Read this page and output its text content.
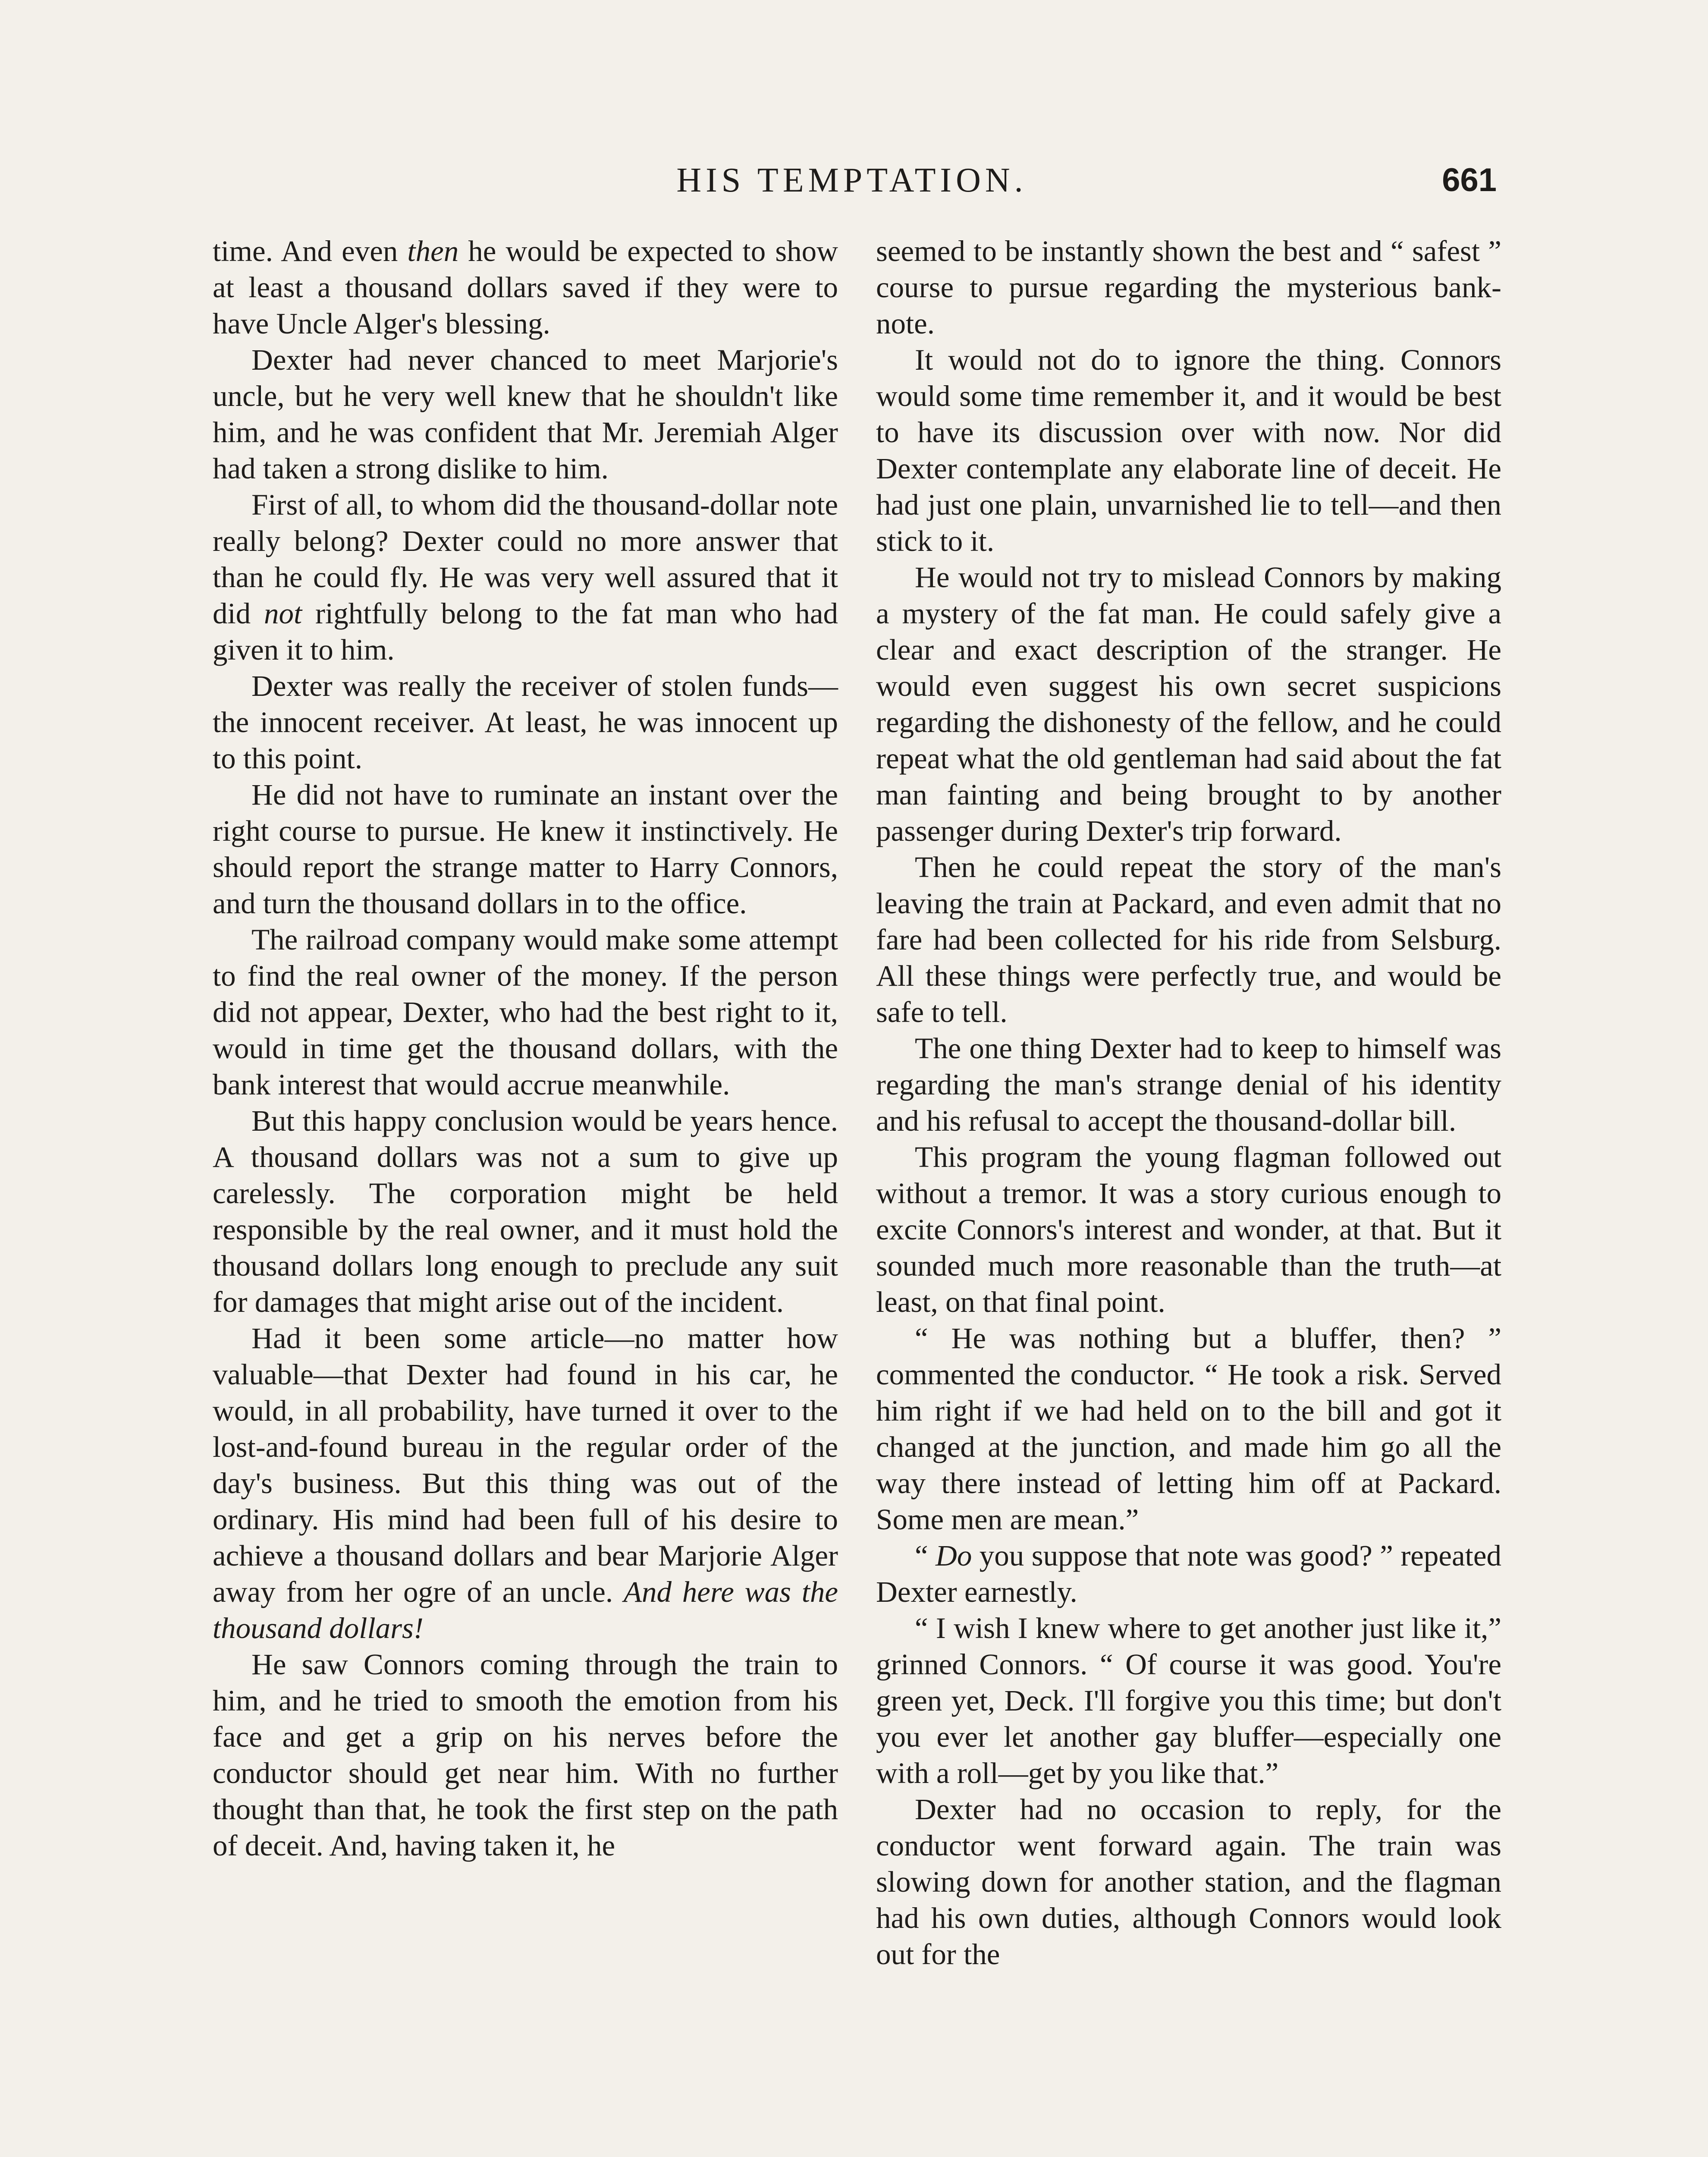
HIS TEMPTATION.	661

time. And even then he would be expected to show at least a thousand dollars saved if they were to have Uncle Alger's blessing.

Dexter had never chanced to meet Marjorie's uncle, but he very well knew that he shouldn't like him, and he was confident that Mr. Jeremiah Alger had taken a strong dislike to him.

First of all, to whom did the thousand-dollar note really belong? Dexter could no more answer that than he could fly. He was very well assured that it did not rightfully belong to the fat man who had given it to him.

Dexter was really the receiver of stolen funds—the innocent receiver. At least, he was innocent up to this point.

He did not have to ruminate an instant over the right course to pursue. He knew it instinctively. He should report the strange matter to Harry Connors, and turn the thousand dollars in to the office.

The railroad company would make some attempt to find the real owner of the money. If the person did not appear, Dexter, who had the best right to it, would in time get the thousand dollars, with the bank interest that would accrue meanwhile.

But this happy conclusion would be years hence. A thousand dollars was not a sum to give up carelessly. The corporation might be held responsible by the real owner, and it must hold the thousand dollars long enough to preclude any suit for damages that might arise out of the incident.

Had it been some article—no matter how valuable—that Dexter had found in his car, he would, in all probability, have turned it over to the lost-and-found bureau in the regular order of the day's business. But this thing was out of the ordinary. His mind had been full of his desire to achieve a thousand dollars and bear Marjorie Alger away from her ogre of an uncle. And here was the thousand dollars!

He saw Connors coming through the train to him, and he tried to smooth the emotion from his face and get a grip on his nerves before the conductor should get near him. With no further thought than that, he took the first step on the path of deceit. And, having taken it, he

seemed to be instantly shown the best and “ safest ” course to pursue regarding the mysterious bank-note.

It would not do to ignore the thing. Connors would some time remember it, and it would be best to have its discussion over with now. Nor did Dexter contemplate any elaborate line of deceit. He had just one plain, unvarnished lie to tell—and then stick to it.

He would not try to mislead Connors by making a mystery of the fat man. He could safely give a clear and exact description of the stranger. He would even suggest his own secret suspicions regarding the dishonesty of the fellow, and he could repeat what the old gentleman had said about the fat man fainting and being brought to by another passenger during Dexter's trip forward.

Then he could repeat the story of the man's leaving the train at Packard, and even admit that no fare had been collected for his ride from Selsburg. All these things were perfectly true, and would be safe to tell.

The one thing Dexter had to keep to himself was regarding the man's strange denial of his identity and his refusal to accept the thousand-dollar bill.

This program the young flagman followed out without a tremor. It was a story curious enough to excite Connors's interest and wonder, at that. But it sounded much more reasonable than the truth—at least, on that final point.

“ He was nothing but a bluffer, then? ” commented the conductor. “ He took a risk. Served him right if we had held on to the bill and got it changed at the junction, and made him go all the way there instead of letting him off at Packard. Some men are mean.”

“ Do you suppose that note was good? ” repeated Dexter earnestly.

“ I wish I knew where to get another just like it,” grinned Connors. “ Of course it was good. You're green yet, Deck. I'll forgive you this time; but don't you ever let another gay bluffer—especially one with a roll—get by you like that.”

Dexter had no occasion to reply, for the conductor went forward again. The train was slowing down for another station, and the flagman had his own duties, although Connors would look out for the
